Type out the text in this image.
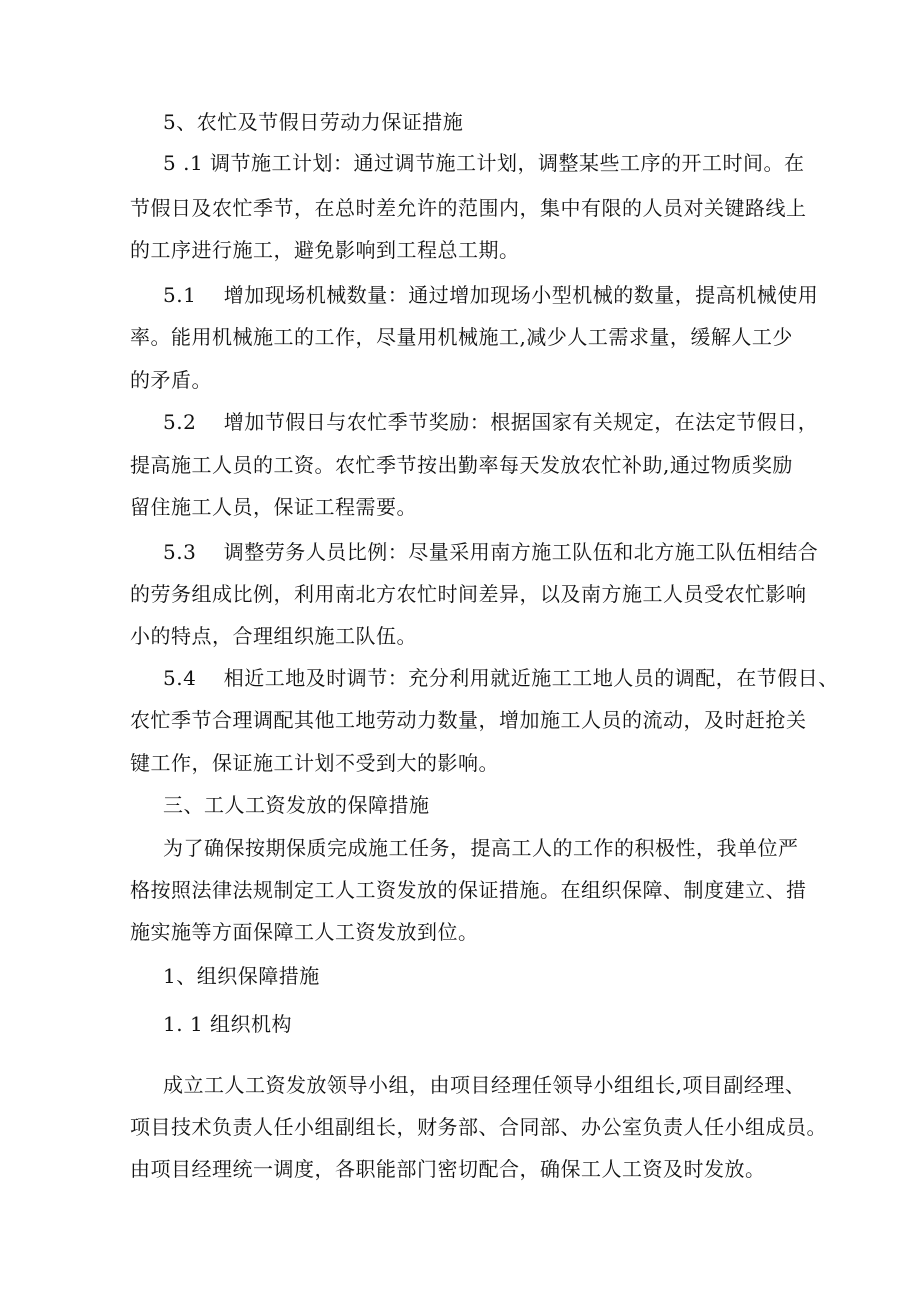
5、农忙及节假日劳动力保证措施
5 .1 调节施工计划：通过调节施工计划，调整某些工序的开工时间。在
节假日及农忙季节，在总时差允许的范围内，集中有限的人员对关键路线上
的工序进行施工，避免影响到工程总工期。
5.1    增加现场机械数量：通过增加现场小型机械的数量，提高机械使用
率。能用机械施工的工作，尽量用机械施工,减少人工需求量，缓解人工少
的矛盾。
5.2    增加节假日与农忙季节奖励：根据国家有关规定，在法定节假日，
提高施工人员的工资。农忙季节按出勤率每天发放农忙补助,通过物质奖励
留住施工人员，保证工程需要。
5.3    调整劳务人员比例：尽量采用南方施工队伍和北方施工队伍相结合
的劳务组成比例，利用南北方农忙时间差异，以及南方施工人员受农忙影响
小的特点，合理组织施工队伍。
5.4    相近工地及时调节：充分利用就近施工工地人员的调配，在节假日、
农忙季节合理调配其他工地劳动力数量，增加施工人员的流动，及时赶抢关
键工作，保证施工计划不受到大的影响。
三、工人工资发放的保障措施
为了确保按期保质完成施工任务，提高工人的工作的积极性，我单位严
格按照法律法规制定工人工资发放的保证措施。在组织保障、制度建立、措
施实施等方面保障工人工资发放到位。
1、组织保障措施
1. 1 组织机构
成立工人工资发放领导小组，由项目经理任领导小组组长,项目副经理、
项目技术负责人任小组副组长，财务部、合同部、办公室负责人任小组成员。
由项目经理统一调度，各职能部门密切配合，确保工人工资及时发放。
